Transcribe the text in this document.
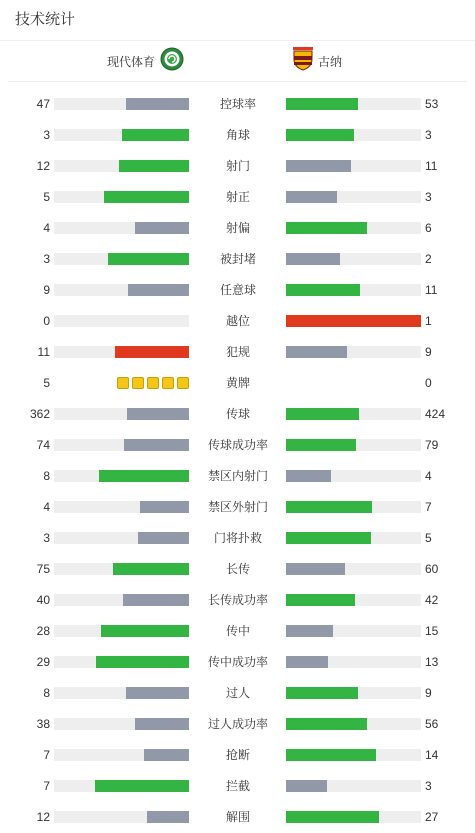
技术统计
现代体育	古纳
47	控球率	53
3	角球	3
12	射门	11
5	射正	3
4	射偏	6
3	被封堵	2
9	任意球	11
0	越位	1
11	犯规	9
5	黄牌	0
362	传球	424
74	传球成功率	79
8	禁区内射门	4
4	禁区外射门	7
3	门将扑救	5
75	长传	60
40	长传成功率	42
28	传中	15
29	传中成功率	13
8	过人	9
38	过人成功率	56
7	抢断	14
7	拦截	3
12	解围	27
